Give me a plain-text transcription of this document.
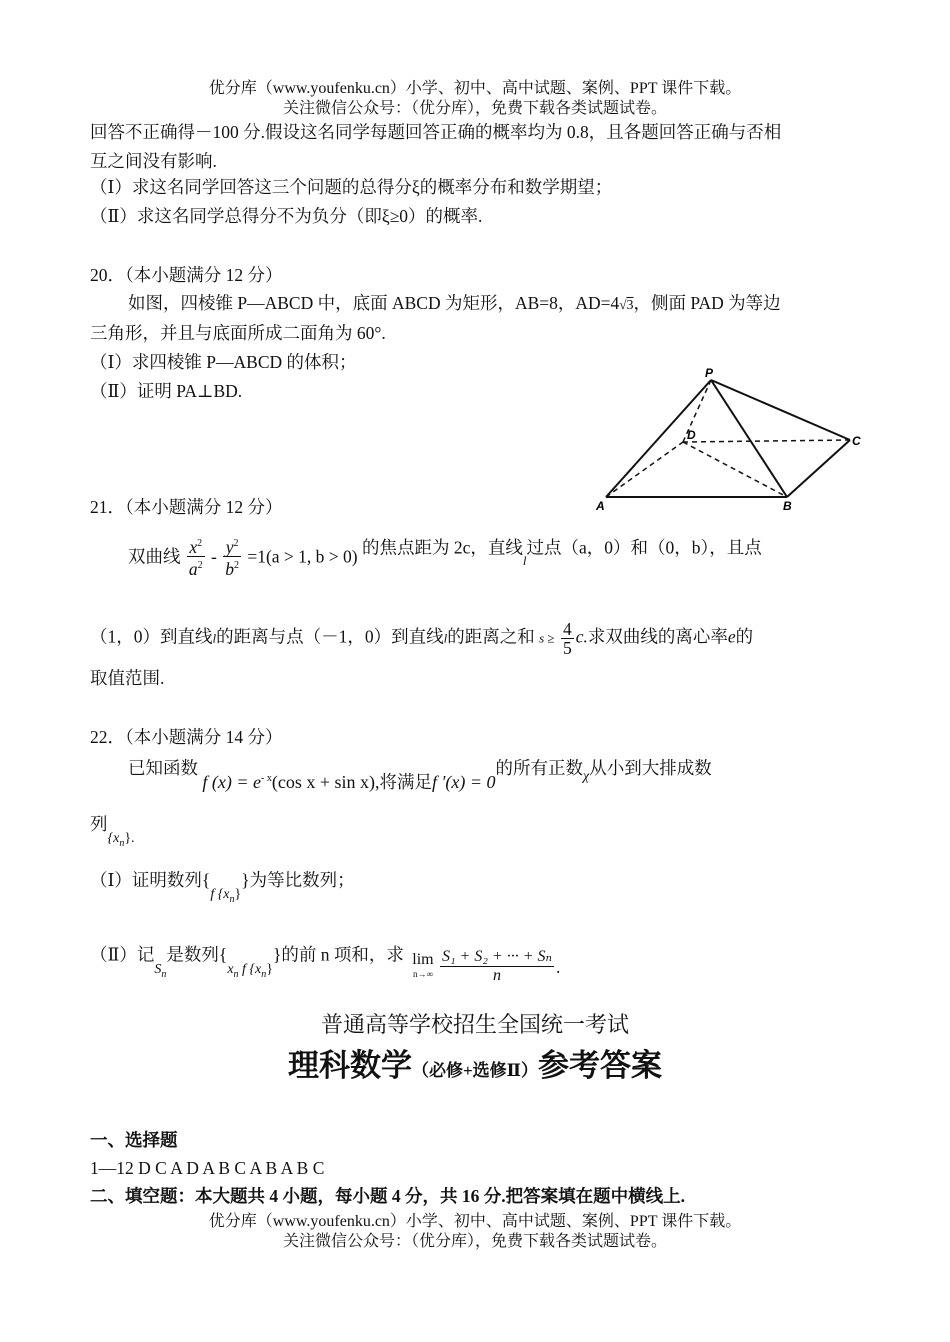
优分库（www.youfenku.cn）小学、初中、高中试题、案例、PPT 课件下载。
关注微信公众号：（优分库），免费下载各类试题试卷。
回答不正确得－100 分.假设这名同学每题回答正确的概率均为 0.8，且各题回答正确与否相
互之间没有影响.
（Ⅰ）求这名同学回答这三个问题的总得分ξ的概率分布和数学期望；
（Ⅱ）求这名同学总得分不为负分（即ξ≥0）的概率.
20．（本小题满分 12 分）
如图，四棱锥 P—ABCD 中，底面 ABCD 为矩形，AB=8，AD=4√3，侧面 PAD 为等边
三角形，并且与底面所成二面角为 60°.
（Ⅰ）求四棱锥 P—ABCD 的体积；
（Ⅱ）证明 PA⊥BD.
P
D	C
A	B
21．（本小题满分 12 分）
双曲线 $\frac{x^2}{a^2} - \frac{y^2}{b^2} =1(a > 1$, b > 0) 的焦点距为 2c，直线$_l$过点（a，0）和（0，b），且点
（1，0）到直线l的距离与点（－1，0）到直线l的距离之和 $s \ge \frac{4}{5} c$.求双曲线的离心率e的
取值范围.
22．（本小题满分 14 分）
已知函数 f $(x) = e^{- x}(\cos$ x + sin x),将满足f ′(x) = 0的所有正数χ从小到大排成数
列$\{x_n\}$.
（Ⅰ）证明数列{f $\{x_n\}$}为等比数列；
（Ⅱ）记$S_n$是数列{$x_n$ f $\{x_n\}$}的前 n 项和，求 lim
n→∞
$\frac{\text{S₁ + S₂ + ··· + Sₙ}}{n}$ .
普通高等学校招生全国统一考试
理科数学（必修+选修Ⅱ）参考答案
一、选择题
1—12 D C A D A B C A B A B C
二、填空题：本大题共 4 小题，每小题 4 分，共 16 分.把答案填在题中横线上.
优分库（www.youfenku.cn）小学、初中、高中试题、案例、PPT 课件下载。
关注微信公众号：（优分库），免费下载各类试题试卷。
